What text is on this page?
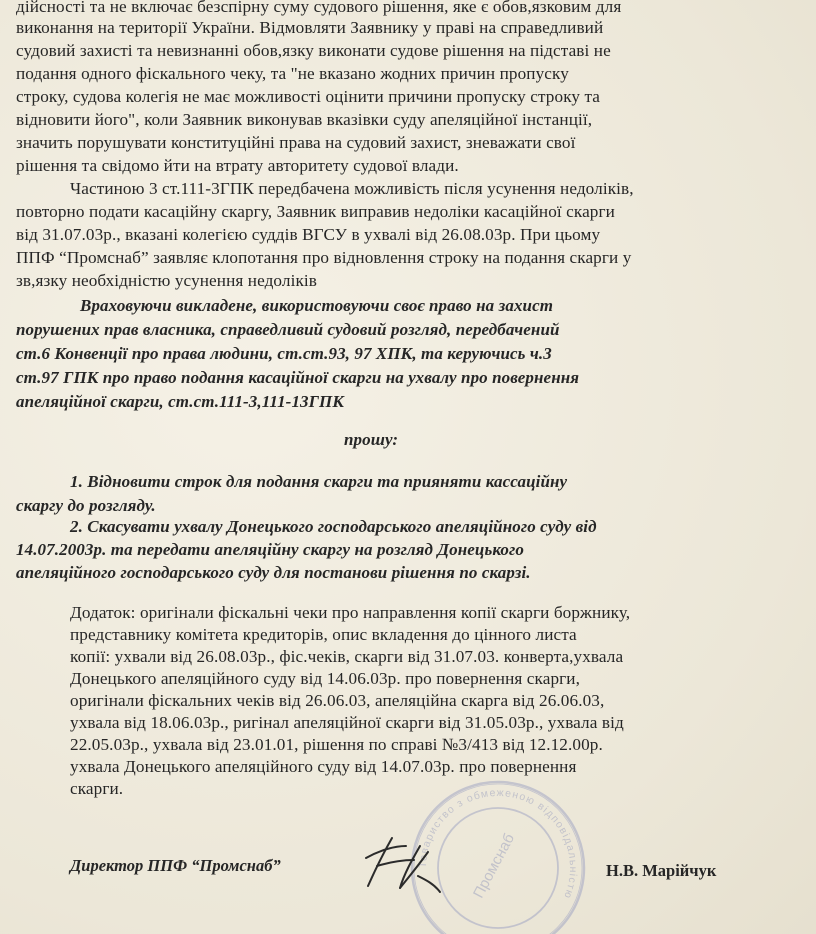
дійсності та не включає безспірну суму судового рішення, яке є обов,язковим для
виконання на території України. Відмовляти Заявнику у праві на справедливий
судовий захисті та невизнанні обов,язку виконати судове рішення на підставі не
подання одного фіскального чеку, та "не вказано жодних причин пропуску
строку, судова колегія не має можливості оцінити причини пропуску строку та
відновити його", коли Заявник виконував вказівки суду апеляційної інстанції,
значить порушувати конституційні права на судовий захист, зневажати свої
рішення та свідомо йти на втрату авторитету судової влади.
Частиною 3 ст.111-3ГПК передбачена можливість після усунення недоліків,
повторно подати касаційну скаргу, Заявник виправив недоліки касаційної скарги
від 31.07.03р., вказані колегією суддів ВГСУ в ухвалі від 26.08.03р. При цьому
ППФ “Промснаб” заявляє клопотання про відновлення строку на подання скарги у
зв,язку необхідністю усунення недоліків
Враховуючи викладене, використовуючи своє право на захист
порушених прав власника, справедливий судовий розгляд, передбачений
ст.6 Конвенції про права людини, ст.ст.93, 97 ХПК, та керуючись ч.3
ст.97 ГПК про право подання касаційної скарги на ухвалу про повернення
апеляційної скарги, ст.ст.111-3,111-13ГПК
прошу:
1. Відновити строк для подання скарги та прияняти кассаційну
скаргу до розгляду.
2. Скасувати ухвалу Донецького господарського апеляційного суду від
14.07.2003р. та передати апеляційну скаргу на розгляд Донецького
апеляційного господарського суду для постанови рішення по скарзі.
Додаток: оригінали фіскальні чеки про направлення копії скарги боржнику,
представнику комітета кредиторів, опис вкладення до цінного листа
копії: ухвали від 26.08.03р., фіс.чеків, скарги від 31.07.03. конверта,ухвала
Донецького апеляційного суду від 14.06.03р. про повернення скарги,
оригінали фіскальних чеків від 26.06.03, апеляційна скарга від 26.06.03,
ухвала від 18.06.03р., ригінал апеляційної скарги від 31.05.03р., ухвала від
22.05.03р., ухвала від 23.01.01, рішення по справі №3/413 від 12.12.00р.
ухвала Донецького апеляційного суду від 14.07.03р. про повернення
скарги.
Товариство з обмеженою відповідальністю
Промснаб
Директор ППФ “Промснаб”	Н.В. Марійчук
